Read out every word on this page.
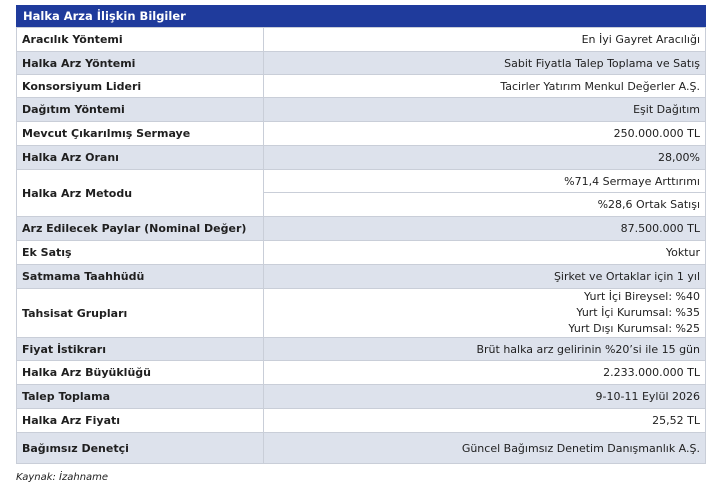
Halka Arza İlişkin Bilgiler
Aracılık Yöntemi	En İyi Gayret Aracılığı
Halka Arz Yöntemi	Sabit Fiyatla Talep Toplama ve Satış
Konsorsiyum Lideri	Tacirler Yatırım Menkul Değerler A.Ş.
Dağıtım Yöntemi	Eşit Dağıtım
Mevcut Çıkarılmış Sermaye	250.000.000 TL
Halka Arz Oranı	28,00%
Halka Arz Metodu	%71,4 Sermaye Arttırımı
	%28,6 Ortak Satışı
Arz Edilecek Paylar (Nominal Değer)	87.500.000 TL
Ek Satış	Yoktur
Satmama Taahhüdü	Şirket ve Ortaklar için 1 yıl
Tahsisat Grupları	Yurt İçi Bireysel: %40
Yurt İçi Kurumsal: %35
Yurt Dışı Kurumsal: %25

Fiyat İstikrarı	Brüt halka arz gelirinin %20’si ile 15 gün
Halka Arz Büyüklüğü	2.233.000.000 TL
Talep Toplama	9-10-11 Eylül 2026
Halka Arz Fiyatı	25,52 TL
Bağımsız Denetçi	Güncel Bağımsız Denetim Danışmanlık A.Ş.
Kaynak: İzahname
